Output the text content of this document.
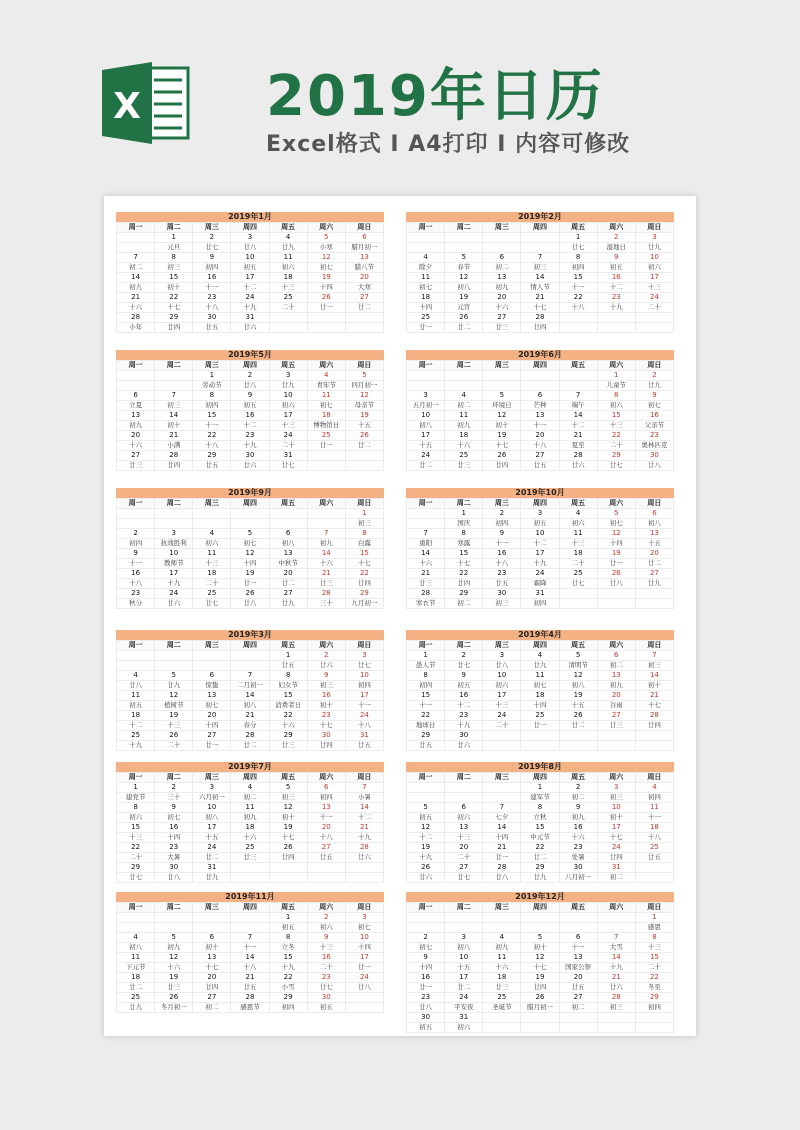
X 2019年日历
Excel格式 I A4打印 I 内容可修改
2019年1月
周一	周二	周三	周四	周五	周六	周日
	1	2	3	4	5	6
	元旦	廿七	廿八	廿九	小寒	腊月初一
7	8	9	10	11	12	13
初二	初三	初四	初五	初六	初七	腊八节
14	15	16	17	18	19	20
初九	初十	十一	十二	十三	十四	大寒
21	22	23	24	25	26	27
十六	十七	十八	十九	二十	廿一	廿二
28	29	30	31			
小年	廿四	廿五	廿六			
2019年2月
周一	周二	周三	周四	周五	周六	周日
				1	2	3
				廿七	湿地日	廿九
4	5	6	7	8	9	10
除夕	春节	初二	初三	初四	初五	初六
11	12	13	14	15	16	17
初七	初八	初九	情人节	十一	十二	十三
18	19	20	21	22	23	24
十四	元宵	十六	十七	十八	十九	二十
25	26	27	28			
廿一	廿二	廿三	廿四			
2019年5月
周一	周二	周三	周四	周五	周六	周日
		1	2	3	4	5
		劳动节	廿八	廿九	青年节	四月初一
6	7	8	9	10	11	12
立夏	初三	初四	初五	初六	初七	母亲节
13	14	15	16	17	18	19
初九	初十	十一	十二	十三	博物馆日	十五
20	21	22	23	24	25	26
十六	小满	十八	十九	二十	廿一	廿二
27	28	29	30	31		
廿三	廿四	廿五	廿六	廿七		
2019年6月
周一	周二	周三	周四	周五	周六	周日
					1	2
					儿童节	廿九
3	4	5	6	7	8	9
五月初一	初二	环境日	芒种	端午	初六	初七
10	11	12	13	14	15	16
初八	初九	初十	十一	十二	十三	父亲节
17	18	19	20	21	22	23
十五	十六	十七	十八	夏至	二十	奥林匹克
24	25	26	27	28	29	30
廿二	廿三	廿四	廿五	廿六	廿七	廿八
2019年9月
周一	周二	周三	周四	周五	周六	周日
						1
						初三
2	3	4	5	6	7	8
初四	抗战胜利	初六	初七	初八	初九	白露
9	10	11	12	13	14	15
十一	教师节	十三	十四	中秋节	十六	十七
16	17	18	19	20	21	22
十八	十九	二十	廿一	廿二	廿三	廿四
23	24	25	26	27	28	29
秋分	廿六	廿七	廿八	廿九	三十	九月初一
2019年10月
周一	周二	周三	周四	周五	周六	周日
	1	2	3	4	5	6
	国庆	初四	初五	初六	初七	初八
7	8	9	10	11	12	13
重阳	寒露	十一	十二	十三	十四	十五
14	15	16	17	18	19	20
十六	十七	十八	十九	二十	廿一	廿二
21	22	23	24	25	26	27
廿三	廿四	廿五	霜降	廿七	廿八	廿九
28	29	30	31			
寒衣节	初二	初三	初四			
2019年3月
周一	周二	周三	周四	周五	周六	周日
				1	2	3
				廿五	廿六	廿七
4	5	6	7	8	9	10
廿八	廿九	惊蛰	二月初一	妇女节	初三	初四
11	12	13	14	15	16	17
初五	植树节	初七	初八	消费者日	初十	十一
18	19	20	21	22	23	24
十二	十三	十四	春分	十六	十七	十八
25	26	27	28	29	30	31
十九	二十	廿一	廿二	廿三	廿四	廿五
2019年4月
周一	周二	周三	周四	周五	周六	周日
1	2	3	4	5	6	7
愚人节	廿七	廿八	廿九	清明节	初二	初三
8	9	10	11	12	13	14
初四	初五	初六	初七	初八	初九	初十
15	16	17	18	19	20	21
十一	十二	十三	十四	十五	谷雨	十七
22	23	24	25	26	27	28
地球日	十九	二十	廿一	廿二	廿三	廿四
29	30					
廿五	廿六					
2019年7月
周一	周二	周三	周四	周五	周六	周日
1	2	3	4	5	6	7
建党节	三十	六月初一	初二	初三	初四	小暑
8	9	10	11	12	13	14
初六	初七	初八	初九	初十	十一	十二
15	16	17	18	19	20	21
十三	十四	十五	十六	十七	十八	十九
22	23	24	25	26	27	28
二十	大暑	廿二	廿三	廿四	廿五	廿六
29	30	31				
廿七	廿八	廿九				
2019年8月
周一	周二	周三	周四	周五	周六	周日
			1	2	3	4
			建军节	初二	初三	初四
5	6	7	8	9	10	11
初五	初六	七夕	立秋	初九	初十	十一
12	13	14	15	16	17	18
十二	十三	十四	中元节	十六	十七	十八
19	20	21	22	23	24	25
十九	二十	廿一	廿二	处暑	廿四	廿五
26	27	28	29	30	31	
廿六	廿七	廿八	廿九	八月初一	初二	
2019年11月
周一	周二	周三	周四	周五	周六	周日
				1	2	3
				初五	初六	初七
4	5	6	7	8	9	10
初八	初九	初十	十一	立冬	十三	十四
11	12	13	14	15	16	17
下元节	十六	十七	十八	十九	二十	廿一
18	19	20	21	22	23	24
廿二	廿三	廿四	廿五	小雪	廿七	廿八
25	26	27	28	29	30	
廿九	冬月初一	初二	感恩节	初四	初五	
2019年12月
周一	周二	周三	周四	周五	周六	周日
						1
						感恩
2	3	4	5	6	7	8
初七	初八	初九	初十	十一	大雪	十三
9	10	11	12	13	14	15
十四	十五	十六	十七	国家公祭	十九	二十
16	17	18	19	20	21	22
廿一	廿二	廿三	廿四	廿五	廿六	冬至
23	24	25	26	27	28	29
廿八	平安夜	圣诞节	腊月初一	初二	初三	初四
30	31					
初五	初六					
